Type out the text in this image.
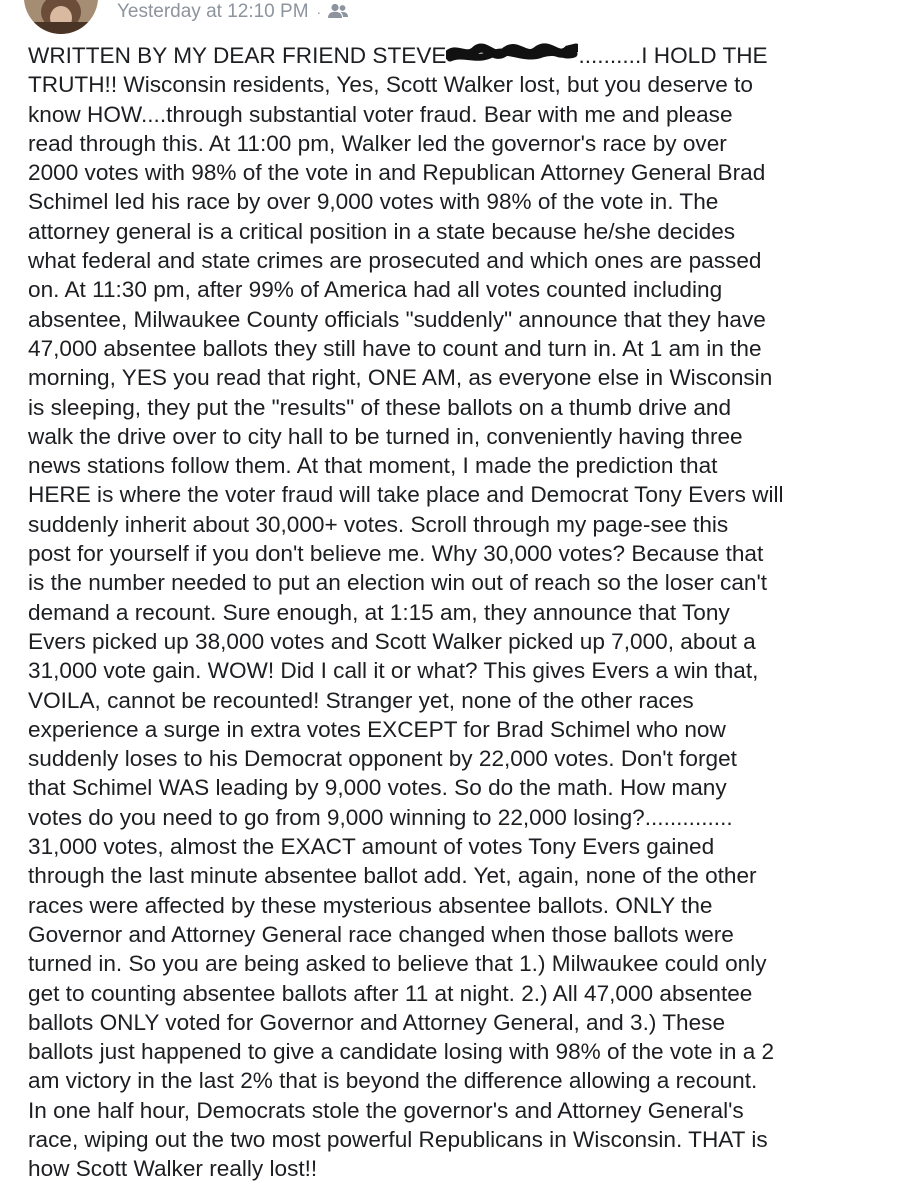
Yesterday at 12:10 PM ·
WRITTEN BY MY DEAR FRIEND STEVE	..........I HOLD THE
TRUTH!! Wisconsin residents, Yes, Scott Walker lost, but you deserve to
know HOW....through substantial voter fraud. Bear with me and please
read through this. At 11:00 pm, Walker led the governor's race by over
2000 votes with 98% of the vote in and Republican Attorney General Brad
Schimel led his race by over 9,000 votes with 98% of the vote in. The
attorney general is a critical position in a state because he/she decides
what federal and state crimes are prosecuted and which ones are passed
on. At 11:30 pm, after 99% of America had all votes counted including
absentee, Milwaukee County officials "suddenly" announce that they have
47,000 absentee ballots they still have to count and turn in. At 1 am in the
morning, YES you read that right, ONE AM, as everyone else in Wisconsin
is sleeping, they put the "results" of these ballots on a thumb drive and
walk the drive over to city hall to be turned in, conveniently having three
news stations follow them. At that moment, I made the prediction that
HERE is where the voter fraud will take place and Democrat Tony Evers will
suddenly inherit about 30,000+ votes. Scroll through my page-see this
post for yourself if you don't believe me. Why 30,000 votes? Because that
is the number needed to put an election win out of reach so the loser can't
demand a recount. Sure enough, at 1:15 am, they announce that Tony
Evers picked up 38,000 votes and Scott Walker picked up 7,000, about a
31,000 vote gain. WOW! Did I call it or what? This gives Evers a win that,
VOILA, cannot be recounted! Stranger yet, none of the other races
experience a surge in extra votes EXCEPT for Brad Schimel who now
suddenly loses to his Democrat opponent by 22,000 votes. Don't forget
that Schimel WAS leading by 9,000 votes. So do the math. How many
votes do you need to go from 9,000 winning to 22,000 losing?..............
31,000 votes, almost the EXACT amount of votes Tony Evers gained
through the last minute absentee ballot add. Yet, again, none of the other
races were affected by these mysterious absentee ballots. ONLY the
Governor and Attorney General race changed when those ballots were
turned in. So you are being asked to believe that 1.) Milwaukee could only
get to counting absentee ballots after 11 at night. 2.) All 47,000 absentee
ballots ONLY voted for Governor and Attorney General, and 3.) These
ballots just happened to give a candidate losing with 98% of the vote in a 2
am victory in the last 2% that is beyond the difference allowing a recount.
In one half hour, Democrats stole the governor's and Attorney General's
race, wiping out the two most powerful Republicans in Wisconsin. THAT is
how Scott Walker really lost!!
